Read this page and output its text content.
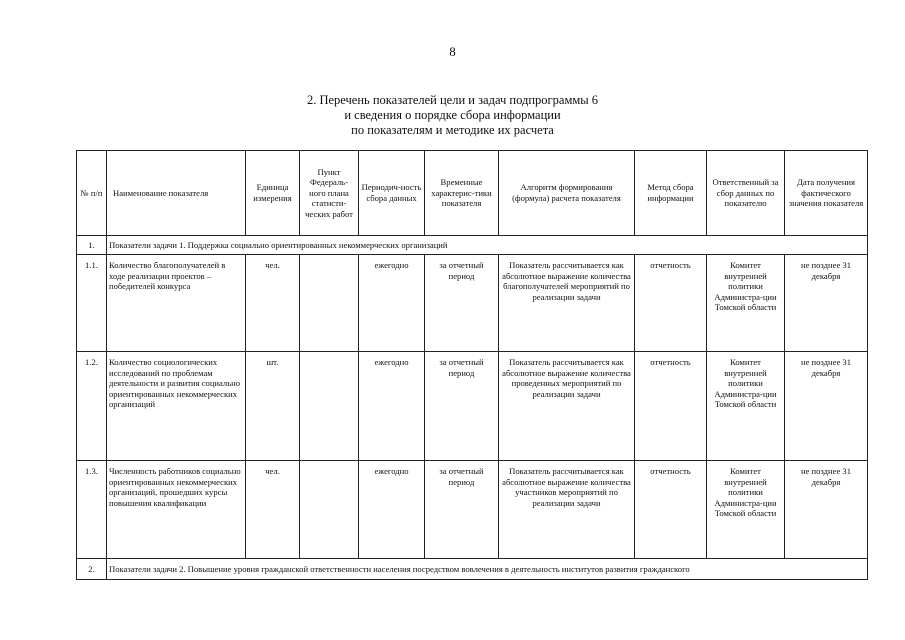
8
2. Перечень показателей цели и задач подпрограммы 6
и сведения о порядке сбора информации
по показателям и методике их расчета
№ п/п	Наименование показателя	Единица измерения	Пункт Федераль-ного плана статисти-ческих работ	Периодич-ность сбора данных	Временные характерис-тики показателя	Алгоритм формирования (формула) расчета показателя	Метод сбора информации	Ответственный за сбор данных по показателю	Дата получения фактического значения показателя
1.	Показатели задачи 1. Поддержка социально ориентированных некоммерческих организаций								
1.1.	Количество благополучателей в ходе реализации проектов – победителей конкурса	чел.		ежегодно	за отчетный период	Показатель рассчитывается как абсолютное выражение количества благополучателей мероприятий по реализации задачи	отчетность	Комитет внутренней политики Администра-ции Томской области	не позднее 31 декабря
1.2.	Количество социологических исследований по проблемам деятельности и развития социально ориентированных некоммерческих организаций	шт.		ежегодно	за отчетный период	Показатель рассчитывается как абсолютное выражение количества проведенных мероприятий по реализации задачи	отчетность	Комитет внутренней политики Администра-ции Томской области	не позднее 31 декабря
1.3.	Численность работников социально ориентированных некоммерческих организаций, прошедших курсы повышения квалификации	чел.		ежегодно	за отчетный период	Показатель рассчитывается как абсолютное выражение количества участников мероприятий по реализации задачи	отчетность	Комитет внутренней политики Администра-ции Томской области	не позднее 31 декабря
2.	Показатели задачи 2. Повышение уровня гражданской ответственности населения посредством вовлечения в деятельность институтов развития гражданского								
